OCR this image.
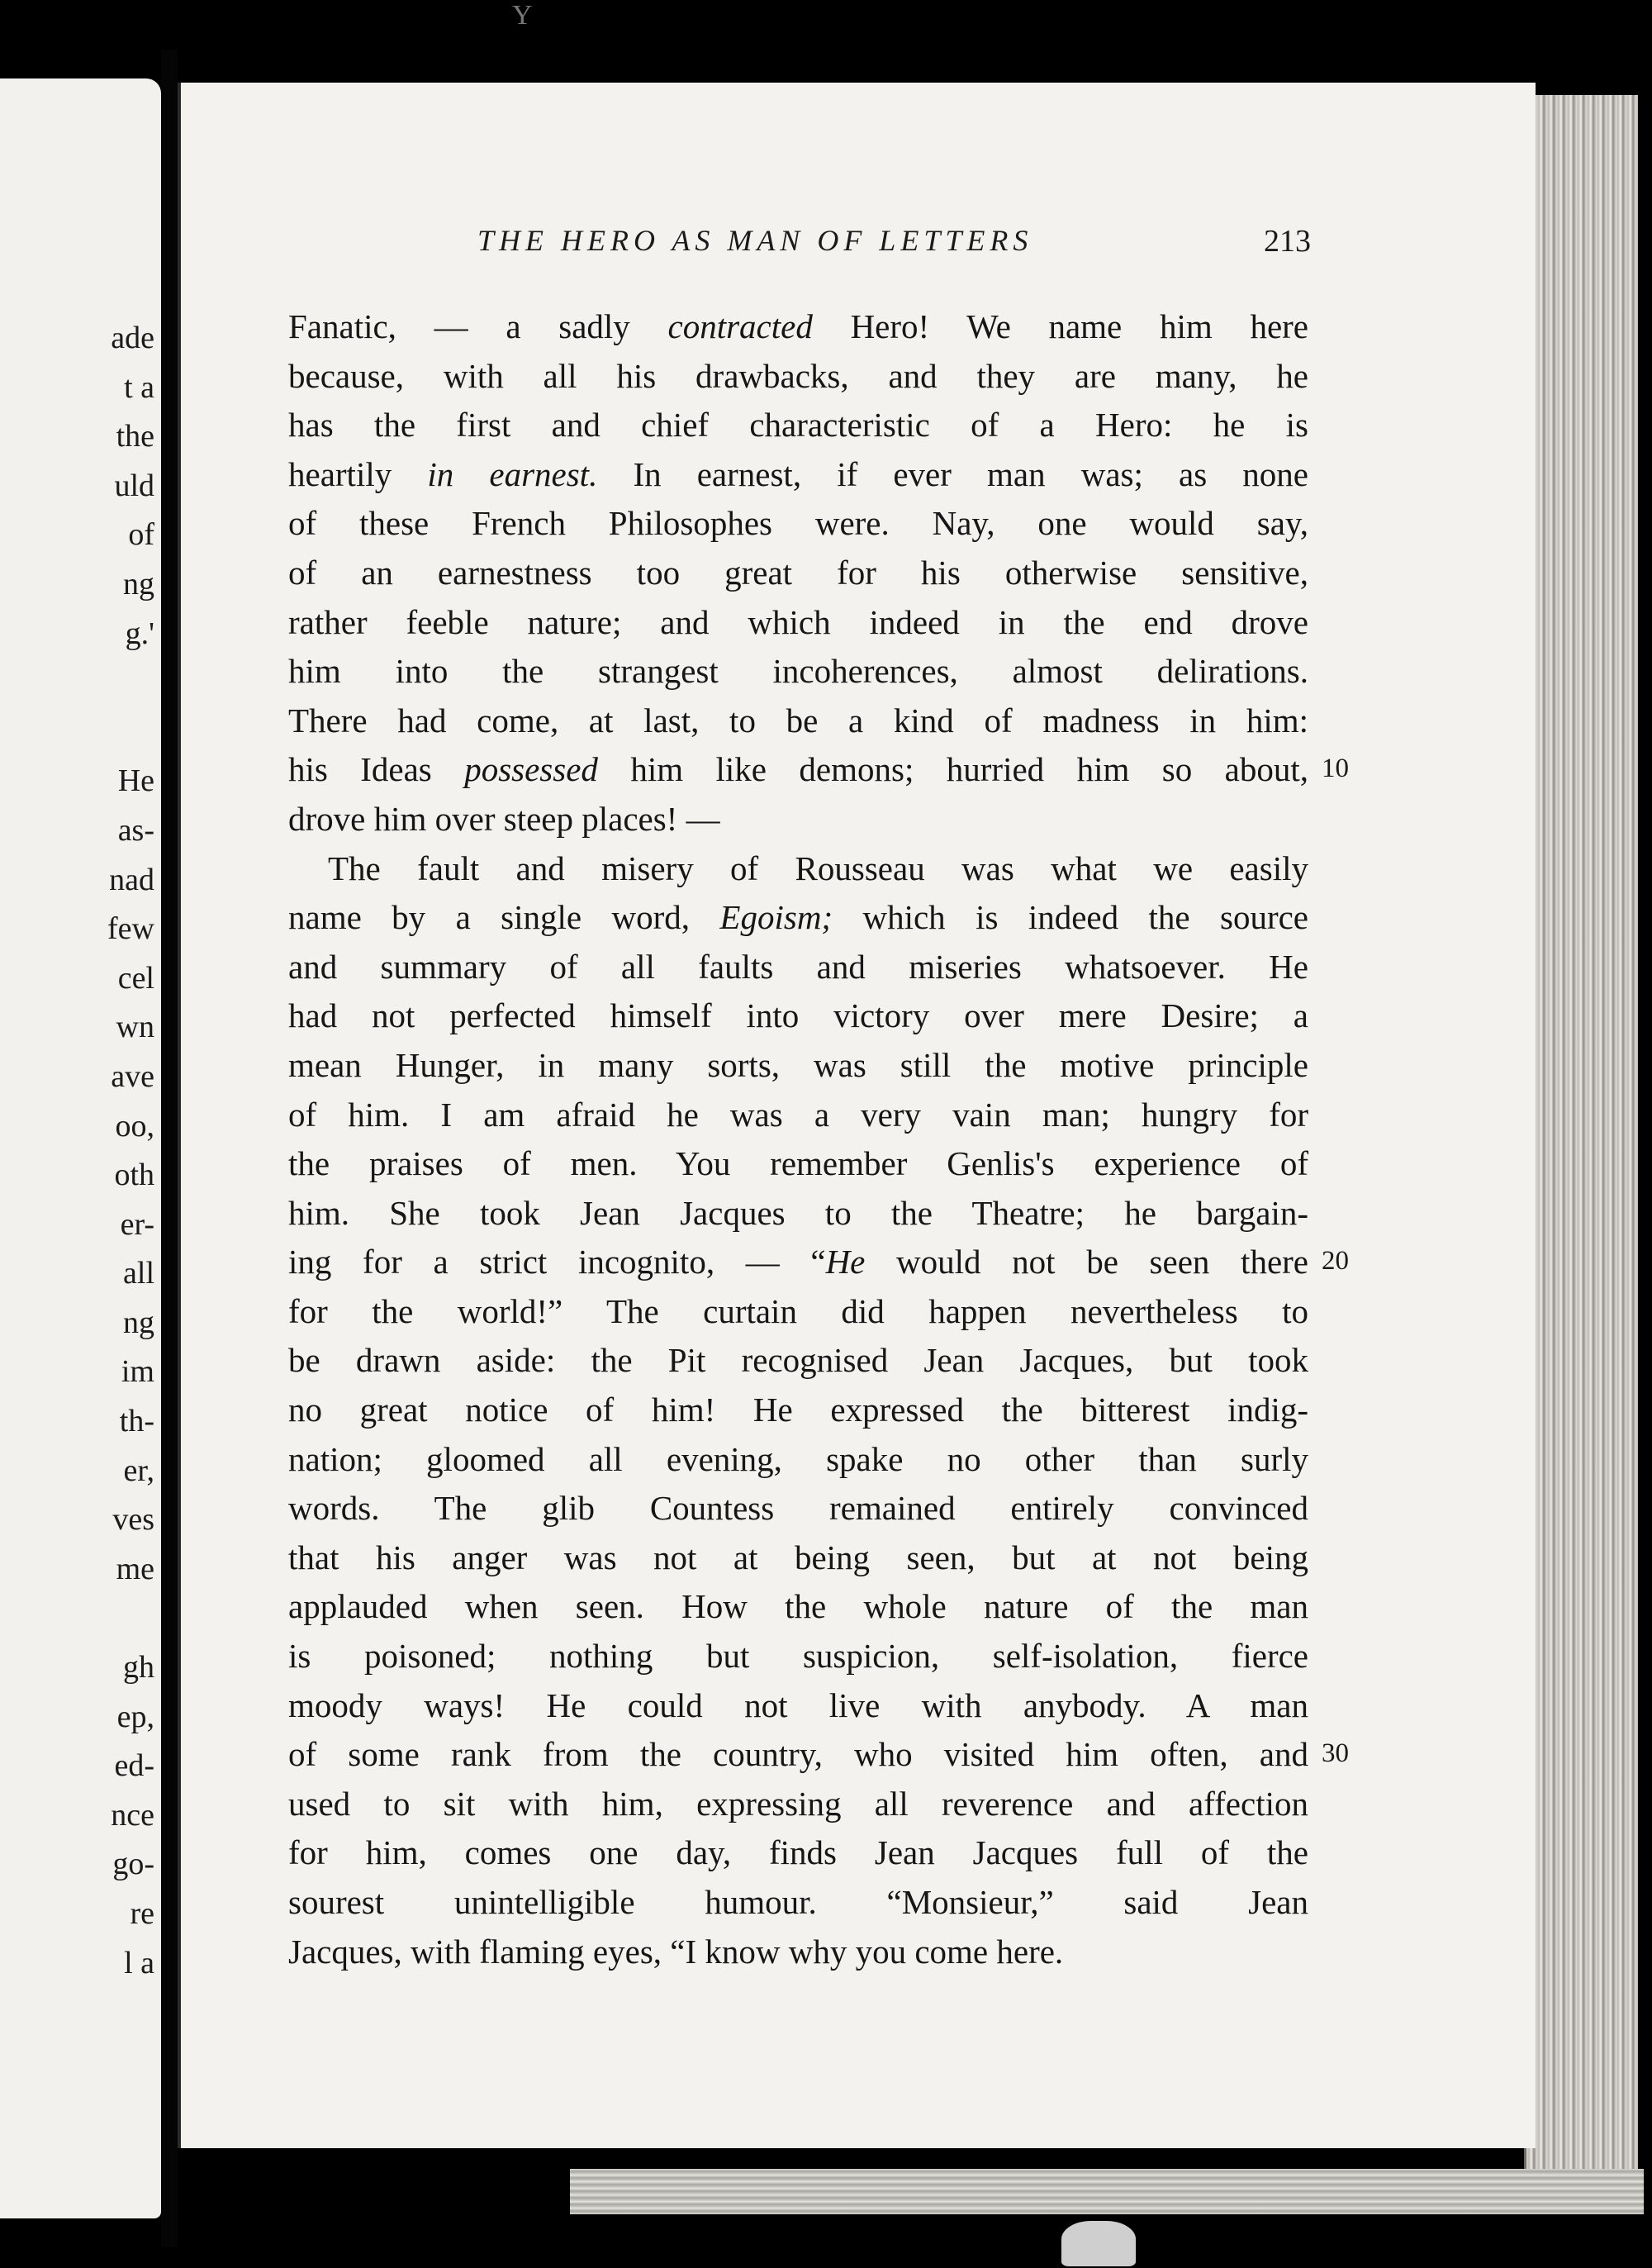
Y
ade
t a
the
uld
of
ng
g.'

He
as-
nad
few
cel
wn
ave
oo,
oth
er-
all
ng
im
th-
er,
ves
me

gh
ep,
ed-
nce
go-
re
l a
THE HERO AS MAN OF LETTERS	213
Fanatic, — a sadly contracted Hero! We name him here
because, with all his drawbacks, and they are many, he
has the first and chief characteristic of a Hero: he is
heartily in earnest. In earnest, if ever man was; as none
of these French Philosophes were. Nay, one would say,
of an earnestness too great for his otherwise sensitive,
rather feeble nature; and which indeed in the end drove
him into the strangest incoherences, almost delirations.
There had come, at last, to be a kind of madness in him:
his Ideas possessed him like demons; hurried him so about,
drove him over steep places! —
The fault and misery of Rousseau was what we easily
name by a single word, Egoism; which is indeed the source
and summary of all faults and miseries whatsoever. He
had not perfected himself into victory over mere Desire; a
mean Hunger, in many sorts, was still the motive principle
of him. I am afraid he was a very vain man; hungry for
the praises of men. You remember Genlis's experience of
him. She took Jean Jacques to the Theatre; he bargain-
ing for a strict incognito, — “He would not be seen there
for the world!” The curtain did happen nevertheless to
be drawn aside: the Pit recognised Jean Jacques, but took
no great notice of him! He expressed the bitterest indig-
nation; gloomed all evening, spake no other than surly
words. The glib Countess remained entirely convinced
that his anger was not at being seen, but at not being
applauded when seen. How the whole nature of the man
is poisoned; nothing but suspicion, self-isolation, fierce
moody ways! He could not live with anybody. A man
of some rank from the country, who visited him often, and
used to sit with him, expressing all reverence and affection
for him, comes one day, finds Jean Jacques full of the
sourest unintelligible humour. “Monsieur,” said Jean
Jacques, with flaming eyes, “I know why you come here.
10
20
30
